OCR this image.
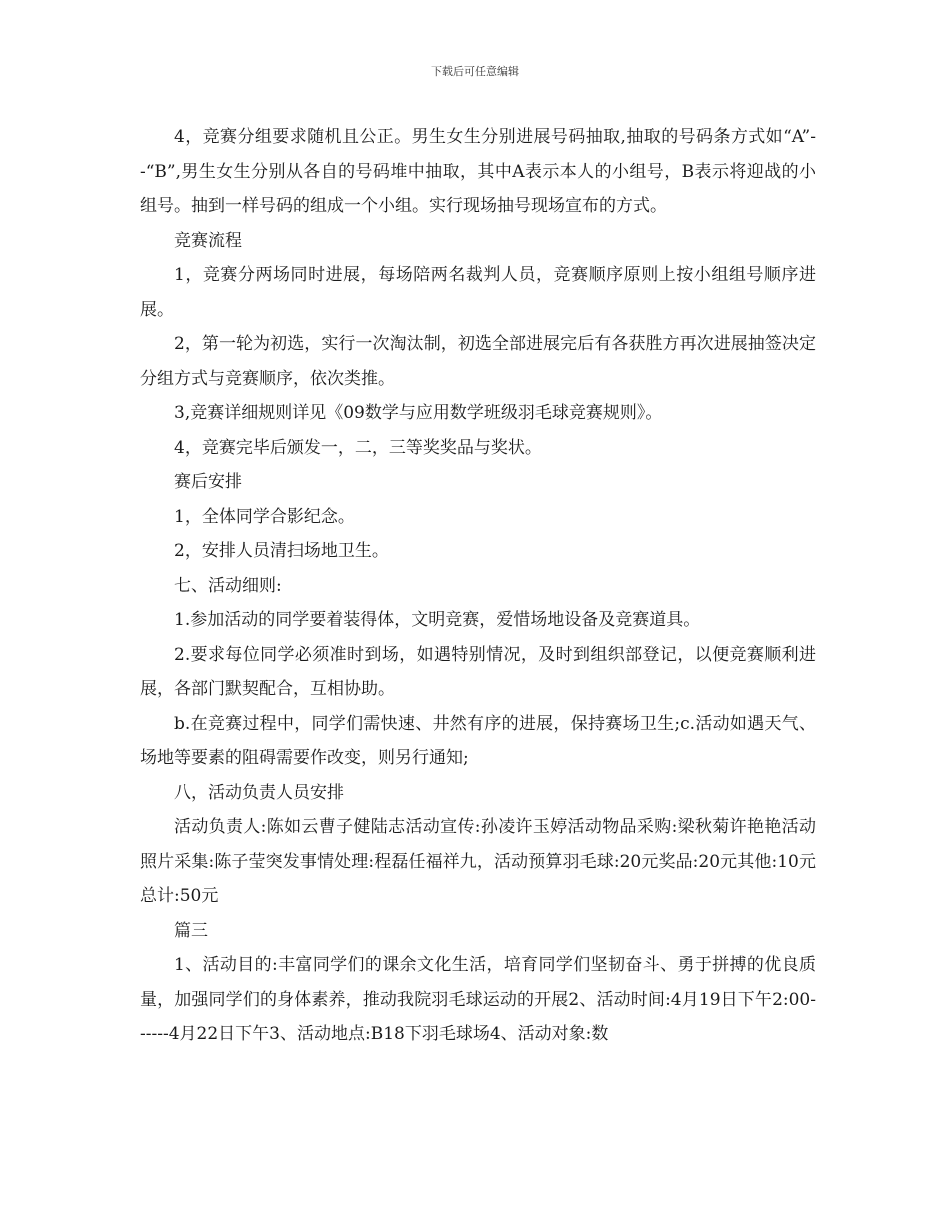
下载后可任意编辑

4，竞赛分组要求随机且公正。男生女生分别进展号码抽取,抽取的号码条方式如“A”--“B”,男生女生分别从各自的号码堆中抽取，其中A表示本人的小组号，B表示将迎战的小组号。抽到一样号码的组成一个小组。实行现场抽号现场宣布的方式。

竞赛流程

1，竞赛分两场同时进展，每场陪两名裁判人员，竞赛顺序原则上按小组组号顺序进展。

2，第一轮为初选，实行一次淘汰制，初选全部进展完后有各获胜方再次进展抽签决定分组方式与竞赛顺序，依次类推。

3,竞赛详细规则详见《09数学与应用数学班级羽毛球竞赛规则》。

4，竞赛完毕后颁发一，二，三等奖奖品与奖状。

赛后安排

1，全体同学合影纪念。

2，安排人员清扫场地卫生。

七、活动细则:

1.参加活动的同学要着装得体，文明竞赛，爱惜场地设备及竞赛道具。

2.要求每位同学必须准时到场，如遇特别情况，及时到组织部登记，以便竞赛顺利进展，各部门默契配合，互相协助。

b.在竞赛过程中，同学们需快速、井然有序的进展，保持赛场卫生;c.活动如遇天气、场地等要素的阻碍需要作改变，则另行通知;

八，活动负责人员安排

活动负责人:陈如云曹子健陆志活动宣传:孙凌许玉婷活动物品采购:梁秋菊许艳艳活动照片采集:陈子莹突发事情处理:程磊任福祥九，活动预算羽毛球:20元奖品:20元其他:10元总计:50元

篇三

1、活动目的:丰富同学们的课余文化生活，培育同学们坚韧奋斗、勇于拼搏的优良质量，加强同学们的身体素养，推动我院羽毛球运动的开展2、活动时间:4月19日下午2:00------4月22日下午3、活动地点:B18下羽毛球场4、活动对象:数
